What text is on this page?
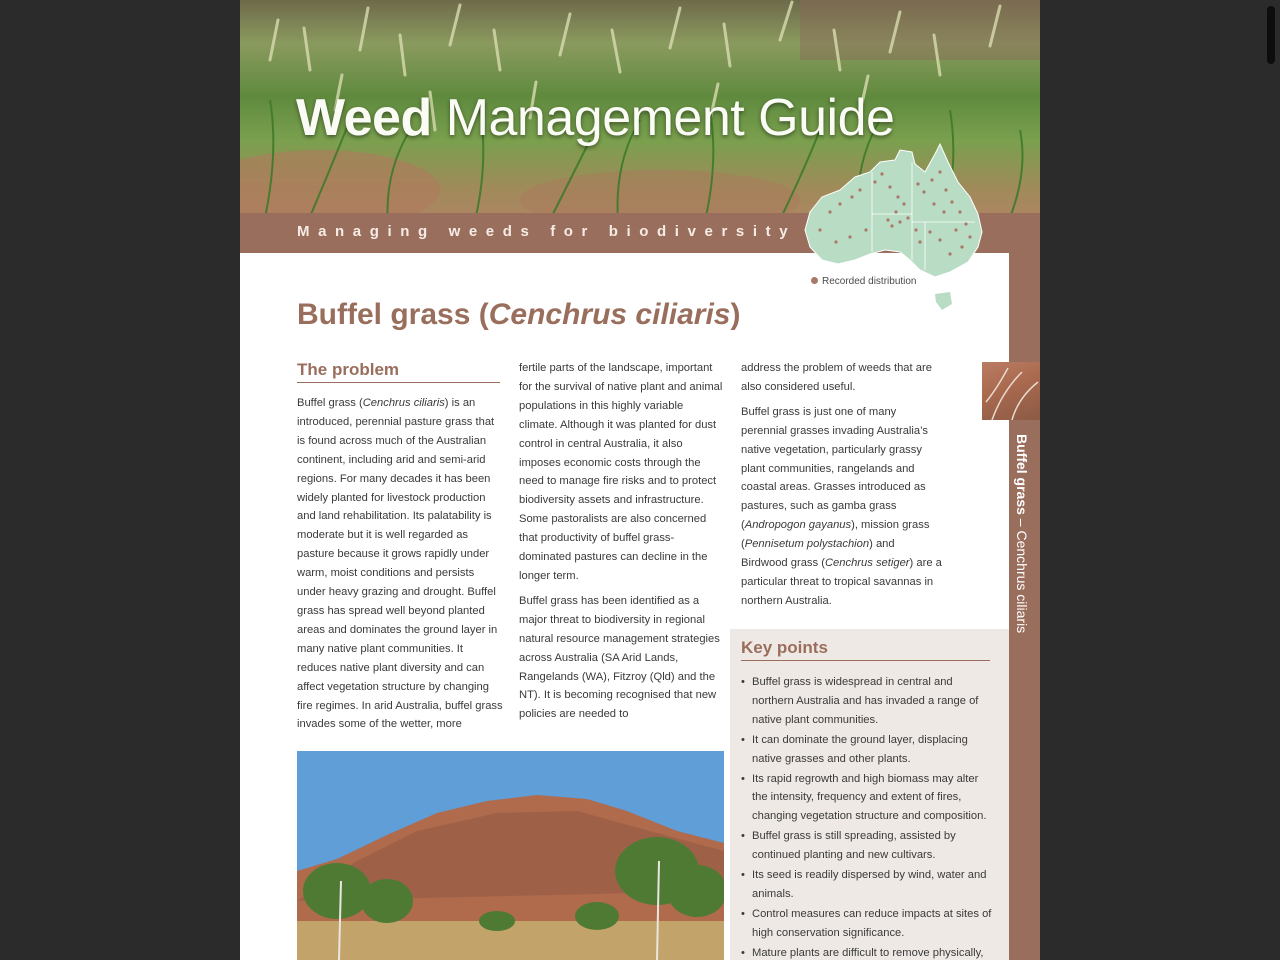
Weed Management Guide
Managing weeds for biodiversity
Recorded distribution
Buffel grass – Cenchrus ciliaris
Buffel grass (Cenchrus ciliaris)
The problem

Buffel grass (Cenchrus ciliaris) is an introduced, perennial pasture grass that is found across much of the Australian continent, including arid and semi-arid regions. For many decades it has been widely planted for livestock production and land rehabilitation. Its palatability is moderate but it is well regarded as pasture because it grows rapidly under warm, moist conditions and persists under heavy grazing and drought. Buffel grass has spread well beyond planted areas and dominates the ground layer in many native plant communities. It reduces native plant diversity and can affect vegetation structure by changing fire regimes. In arid Australia, buffel grass invades some of the wetter, more

fertile parts of the landscape, important for the survival of native plant and animal populations in this highly variable climate. Although it was planted for dust control in central Australia, it also imposes economic costs through the need to manage fire risks and to protect biodiversity assets and infrastructure. Some pastoralists are also concerned that productivity of buffel grass-dominated pastures can decline in the longer term.

Buffel grass has been identified as a major threat to biodiversity in regional natural resource management strategies across Australia (SA Arid Lands, Rangelands (WA), Fitzroy (Qld) and the NT). It is becoming recognised that new policies are needed to

address the problem of weeds that are also considered useful.

Buffel grass is just one of many perennial grasses invading Australia’s native vegetation, particularly grassy plant communities, rangelands and coastal areas. Grasses introduced as pastures, such as gamba grass (Andropogon gayanus), mission grass (Pennisetum polystachion) and Birdwood grass (Cenchrus setiger) are a particular threat to tropical savannas in northern Australia.

Key points
• Buffel grass is widespread in central and northern Australia and has invaded a range of native plant communities.
• It can dominate the ground layer, displacing native grasses and other plants.
• Its rapid regrowth and high biomass may alter the intensity, frequency and extent of fires, changing vegetation structure and composition.
• Buffel grass is still spreading, assisted by continued planting and new cultivars.
• Its seed is readily dispersed by wind, water and animals.
• Control measures can reduce impacts at sites of high conservation significance.
• Mature plants are difficult to remove physically,
